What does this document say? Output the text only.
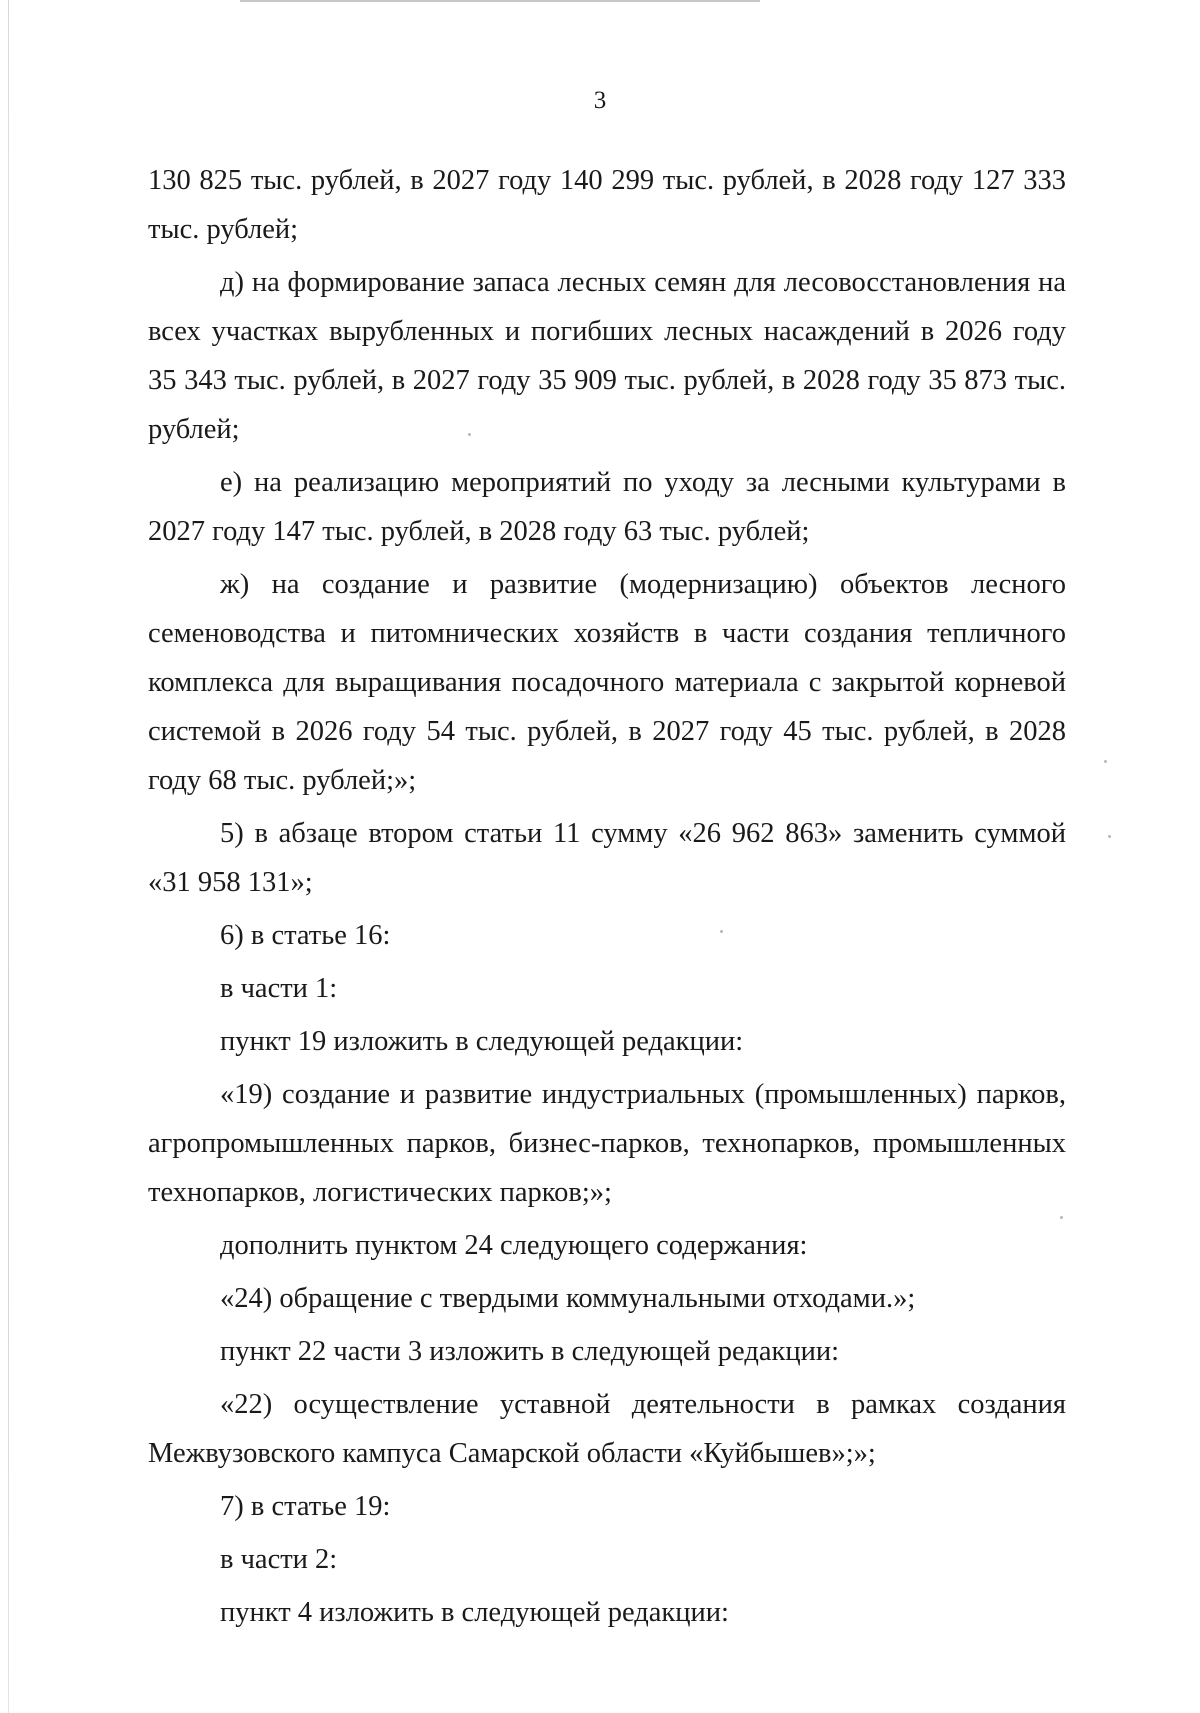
3

130 825 тыс. рублей, в 2027 году 140 299 тыс. рублей, в 2028 году 127 333 тыс. рублей;

д) на формирование запаса лесных семян для лесовосстановления на всех участках вырубленных и погибших лесных насаждений в 2026 году 35 343 тыс. рублей, в 2027 году 35 909 тыс. рублей, в 2028 году 35 873 тыс. рублей;

е) на реализацию мероприятий по уходу за лесными культурами в 2027 году 147 тыс. рублей, в 2028 году 63 тыс. рублей;

ж) на создание и развитие (модернизацию) объектов лесного семеноводства и питомнических хозяйств в части создания тепличного комплекса для выращивания посадочного материала с закрытой корневой системой в 2026 году 54 тыс. рублей, в 2027 году 45 тыс. рублей, в 2028 году 68 тыс. рублей;»;

5) в абзаце втором статьи 11 сумму «26 962 863» заменить суммой «31 958 131»;

6) в статье 16:

в части 1:

пункт 19 изложить в следующей редакции:

«19) создание и развитие индустриальных (промышленных) парков, агропромышленных парков, бизнес-парков, технопарков, промышленных технопарков, логистических парков;»;

дополнить пунктом 24 следующего содержания:

«24) обращение с твердыми коммунальными отходами.»;

пункт 22 части 3 изложить в следующей редакции:

«22) осуществление уставной деятельности в рамках создания Межвузовского кампуса Самарской области «Куйбышев»;»;

7) в статье 19:

в части 2:

пункт 4 изложить в следующей редакции:
